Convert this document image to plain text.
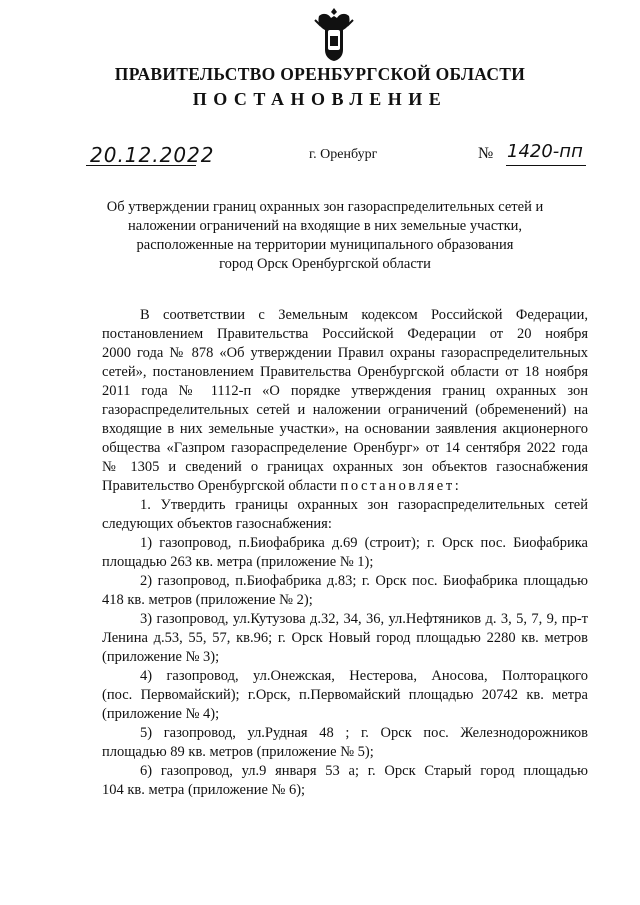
ПРАВИТЕЛЬСТВО ОРЕНБУРГСКОЙ ОБЛАСТИ
ПОСТАНОВЛЕНИЕ
20.12.2022	г. Оренбург	№ 1420-пп
Об утверждении границ охранных зон газораспределительных сетей и
наложении ограничений на входящие в них земельные участки,
расположенные на территории муниципального образования
город Орск Оренбургской области
В соответствии с Земельным кодексом Российской Федерации,
постановлением Правительства Российской Федерации от 20 ноября
2000 года № 878 «Об утверждении Правил охраны газораспределительных
сетей», постановлением Правительства Оренбургской области от 18 ноября
2011 года № 1112-п «О порядке утверждения границ охранных зон
газораспределительных сетей и наложении ограничений (обременений) на
входящие в них земельные участки», на основании заявления акционерного
общества «Газпром газораспределение Оренбург» от 14 сентября 2022 года
№ 1305 и сведений о границах охранных зон объектов газоснабжения
Правительство Оренбургской области постановляет:
1. Утвердить границы охранных зон газораспределительных сетей
следующих объектов газоснабжения:
1) газопровод, п.Биофабрика д.69 (строит); г. Орск пос. Биофабрика
площадью 263 кв. метра (приложение № 1);
2) газопровод, п.Биофабрика д.83; г. Орск пос. Биофабрика площадью
418 кв. метров (приложение № 2);
3) газопровод, ул.Кутузова д.32, 34, 36, ул.Нефтяников д. 3, 5, 7, 9, пр-т
Ленина д.53, 55, 57, кв.96; г. Орск Новый город площадью 2280 кв. метров
(приложение № 3);
4) газопровод, ул.Онежская, Нестерова, Аносова, Полторацкого
(пос. Первомайский); г.Орск, п.Первомайский площадью 20742 кв. метра
(приложение № 4);
5) газопровод, ул.Рудная 48 ; г. Орск пос. Железнодорожников
площадью 89 кв. метров (приложение № 5);
6) газопровод, ул.9 января 53 а; г. Орск Старый город площадью
104 кв. метра (приложение № 6);
